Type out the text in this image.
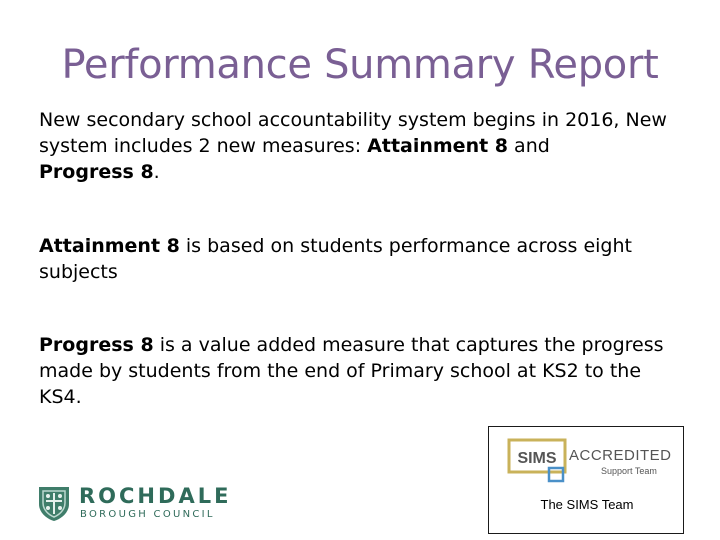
Performance Summary Report

New secondary school accountability system begins in 2016, New system includes 2 new measures: Attainment 8 and
Progress 8.

Attainment 8 is based on students performance across eight subjects

Progress 8 is a value added measure that captures the progress made by students from the end of Primary school at KS2 to the KS4.

ROCHDALE
BOROUGH COUNCIL
SIMS ACCREDITED
Support Team
The SIMS Team
